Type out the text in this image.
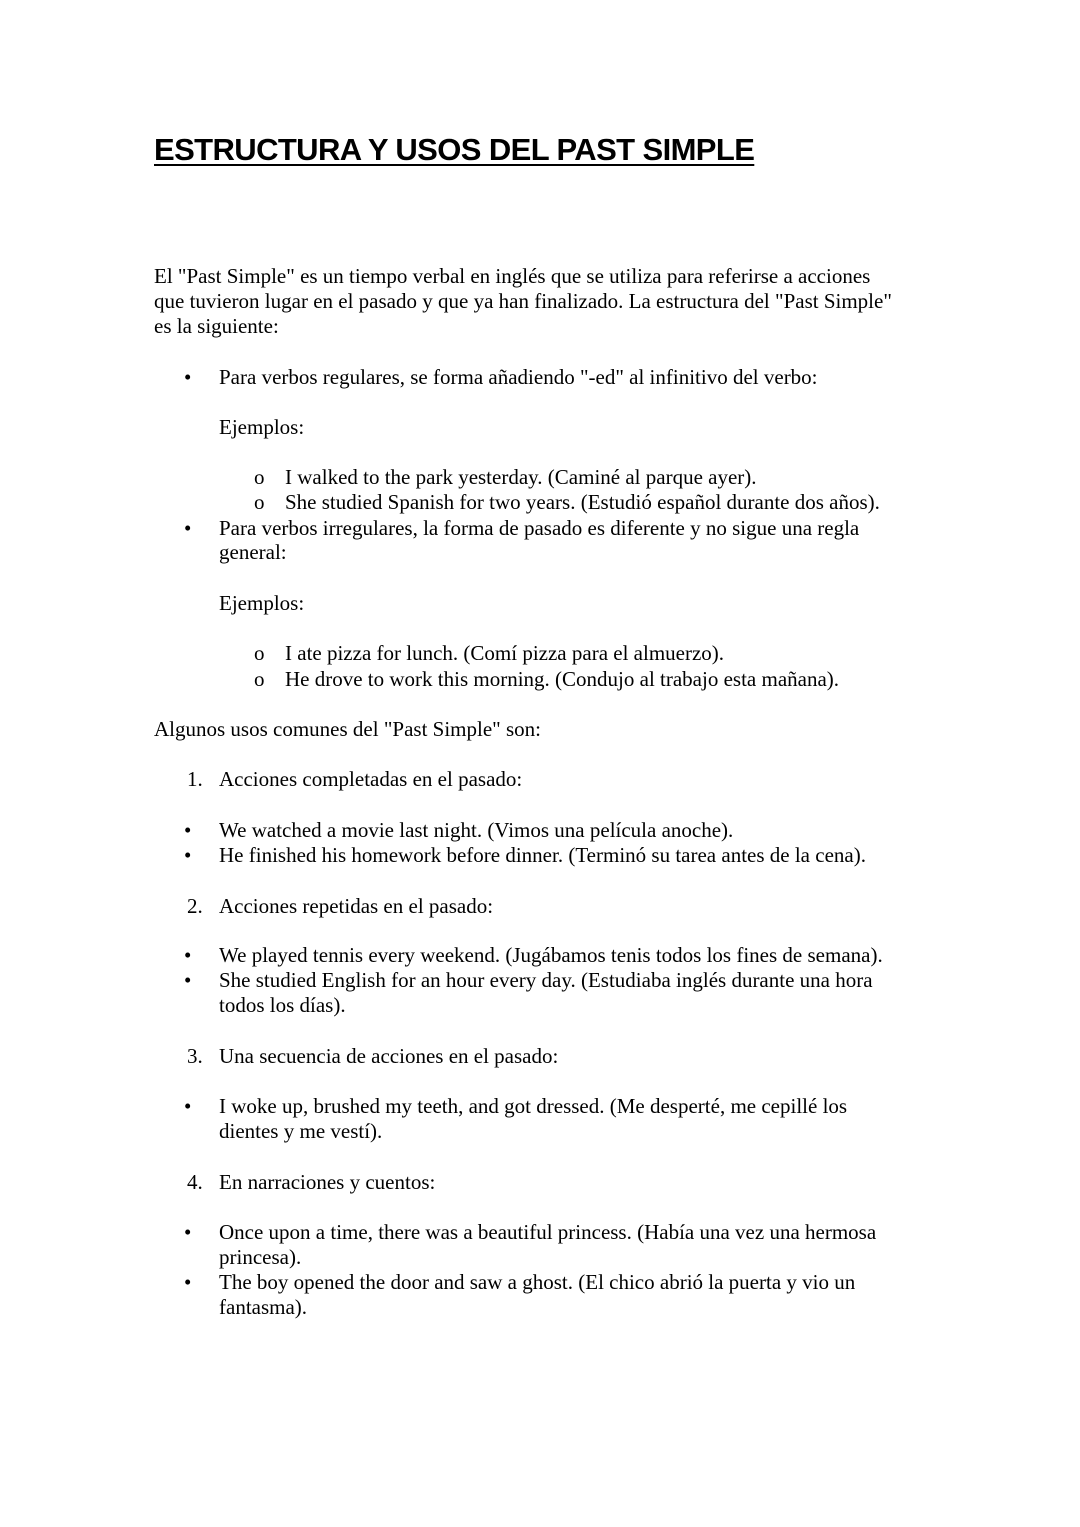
ESTRUCTURA Y USOS DEL PAST SIMPLE
El "Past Simple" es un tiempo verbal en inglés que se utiliza para referirse a acciones
que tuvieron lugar en el pasado y que ya han finalizado. La estructura del "Past Simple"
es la siguiente:
• Para verbos regulares, se forma añadiendo "-ed" al infinitivo del verbo:
Ejemplos:
o I walked to the park yesterday. (Caminé al parque ayer).
o She studied Spanish for two years. (Estudió español durante dos años).
• Para verbos irregulares, la forma de pasado es diferente y no sigue una regla
general:
Ejemplos:
o I ate pizza for lunch. (Comí pizza para el almuerzo).
o He drove to work this morning. (Condujo al trabajo esta mañana).
Algunos usos comunes del "Past Simple" son:
1. Acciones completadas en el pasado:
• We watched a movie last night. (Vimos una película anoche).
• He finished his homework before dinner. (Terminó su tarea antes de la cena).
2. Acciones repetidas en el pasado:
• We played tennis every weekend. (Jugábamos tenis todos los fines de semana).
• She studied English for an hour every day. (Estudiaba inglés durante una hora
todos los días).
3. Una secuencia de acciones en el pasado:
• I woke up, brushed my teeth, and got dressed. (Me desperté, me cepillé los
dientes y me vestí).
4. En narraciones y cuentos:
• Once upon a time, there was a beautiful princess. (Había una vez una hermosa
princesa).
• The boy opened the door and saw a ghost. (El chico abrió la puerta y vio un
fantasma).
